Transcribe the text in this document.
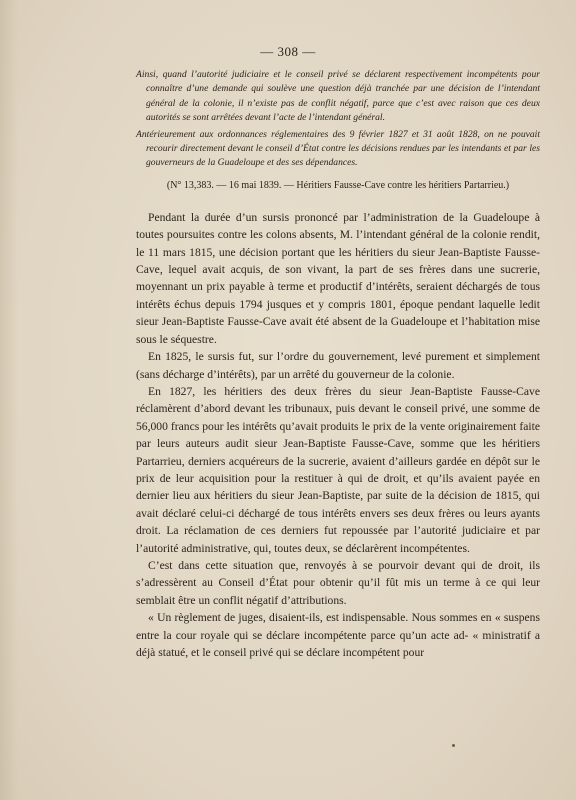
— 308 —

Ainsi, quand l’autorité judiciaire et le conseil privé se déclarent respectivement incompétents pour connaître d’une demande qui soulève une question déjà tranchée par une décision de l’intendant général de la colonie, il n’existe pas de conflit négatif, parce que c’est avec raison que ces deux autorités se sont arrêtées devant l’acte de l’intendant général.

Antérieurement aux ordonnances réglementaires des 9 février 1827 et 31 août 1828, on ne pouvait recourir directement devant le conseil d’État contre les décisions rendues par les intendants et par les gouverneurs de la Guadeloupe et des ses dépendances.

(N° 13,383. — 16 mai 1839. — Héritiers Fausse-Cave contre les héritiers Partarrieu.)

Pendant la durée d’un sursis prononcé par l’administration de la Guadeloupe à toutes poursuites contre les colons absents, M. l’intendant général de la colonie rendit, le 11 mars 1815, une décision portant que les héritiers du sieur Jean-Baptiste Fausse-Cave, lequel avait acquis, de son vivant, la part de ses frères dans une sucrerie, moyennant un prix payable à terme et productif d’intérêts, seraient déchargés de tous intérêts échus depuis 1794 jusques et y compris 1801, époque pendant laquelle ledit sieur Jean-Baptiste Fausse-Cave avait été absent de la Guadeloupe et l’habitation mise sous le séquestre.

En 1825, le sursis fut, sur l’ordre du gouvernement, levé purement et simplement (sans décharge d’intérêts), par un arrêté du gouverneur de la colonie.

En 1827, les héritiers des deux frères du sieur Jean-Baptiste Fausse-Cave réclamèrent d’abord devant les tribunaux, puis devant le conseil privé, une somme de 56,000 francs pour les intérêts qu’avait produits le prix de la vente originairement faite par leurs auteurs audit sieur Jean-Baptiste Fausse-Cave, somme que les héritiers Partarrieu, derniers acquéreurs de la sucrerie, avaient d’ailleurs gardée en dépôt sur le prix de leur acquisition pour la restituer à qui de droit, et qu’ils avaient payée en dernier lieu aux héritiers du sieur Jean-Baptiste, par suite de la décision de 1815, qui avait déclaré celui-ci déchargé de tous intérêts envers ses deux frères ou leurs ayants droit. La réclamation de ces derniers fut repoussée par l’autorité judiciaire et par l’autorité administrative, qui, toutes deux, se déclarèrent incompétentes.

C’est dans cette situation que, renvoyés à se pourvoir devant qui de droit, ils s’adressèrent au Conseil d’État pour obtenir qu’il fût mis un terme à ce qui leur semblait être un conflit négatif d’attributions.

« Un règlement de juges, disaient-ils, est indispensable. Nous sommes en « suspens entre la cour royale qui se déclare incompétente parce qu’un acte ad- « ministratif a déjà statué, et le conseil privé qui se déclare incompétent pour
